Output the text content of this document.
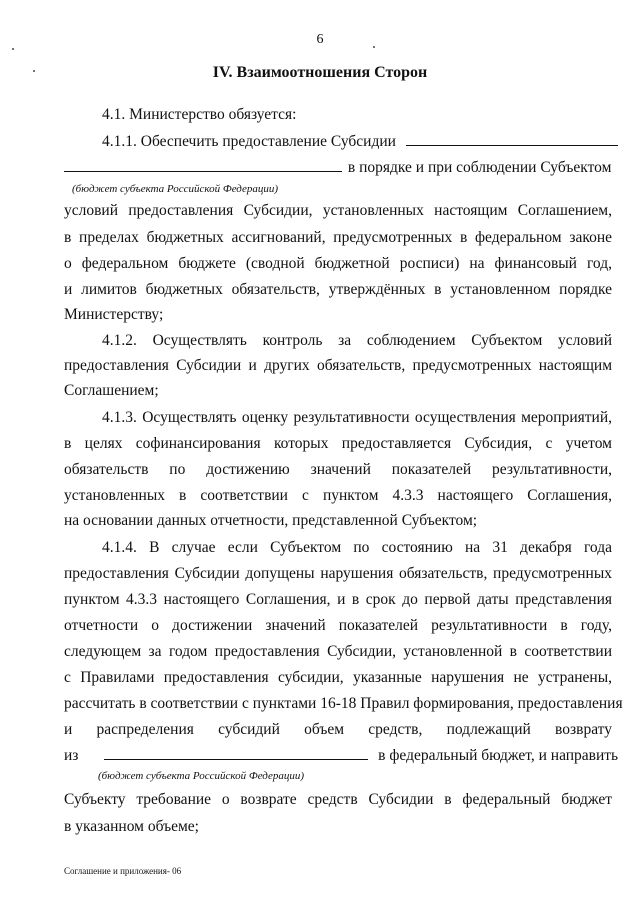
6
IV. Взаимоотношения Сторон
4.1. Министерство обязуется:
4.1.1. Обеспечить предоставление Субсидии
в порядке и при соблюдении Субъектом
(бюджет субъекта Российской Федерации)
условий предоставления Субсидии, установленных настоящим Соглашением,
в пределах бюджетных ассигнований, предусмотренных в федеральном законе
о федеральном бюджете (сводной бюджетной росписи) на финансовый год,
и лимитов бюджетных обязательств, утверждённых в установленном порядке
Министерству;
4.1.2. Осуществлять контроль за соблюдением Субъектом условий
предоставления Субсидии и других обязательств, предусмотренных настоящим
Соглашением;
4.1.3. Осуществлять оценку результативности осуществления мероприятий,
в целях софинансирования которых предоставляется Субсидия, с учетом
обязательств по достижению значений показателей результативности,
установленных в соответствии с пунктом 4.3.3 настоящего Соглашения,
на основании данных отчетности, представленной Субъектом;
4.1.4. В случае если Субъектом по состоянию на 31 декабря года
предоставления Субсидии допущены нарушения обязательств, предусмотренных
пунктом 4.3.3 настоящего Соглашения, и в срок до первой даты представления
отчетности о достижении значений показателей результативности в году,
следующем за годом предоставления Субсидии, установленной в соответствии
с Правилами предоставления субсидии, указанные нарушения не устранены,
рассчитать в соответствии с пунктами 16-18 Правил формирования, предоставления
и распределения субсидий объем средств, подлежащий возврату
из	в федеральный бюджет, и направить
(бюджет субъекта Российской Федерации)
Субъекту требование о возврате средств Субсидии в федеральный бюджет
в указанном объеме;
Соглашение и приложения- 06
